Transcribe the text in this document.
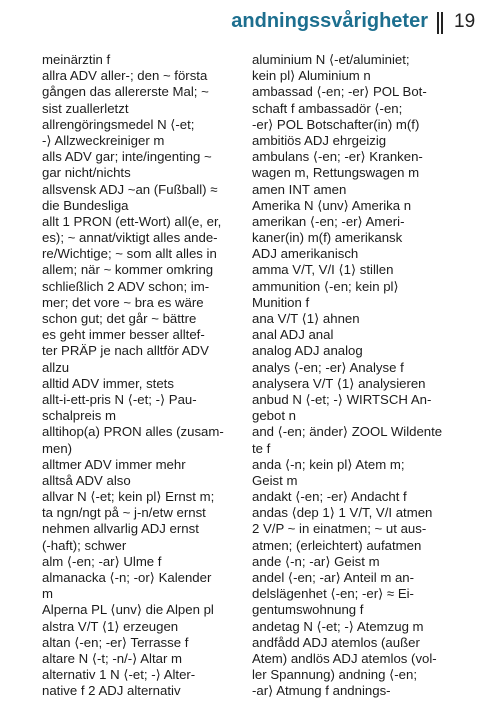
andningssvårigheter 19
meinärztin f
allra ADV aller-; den ~ första
gången das allererste Mal; ~
sist zuallerletzt
allrengöringsmedel N ⟨-et;
-⟩ Allzweckreiniger m
alls ADV gar; inte/ingenting ~
gar nicht/nichts
allsvensk ADJ ~an (Fußball) ≈
die Bundesliga
allt 1 PRON (ett-Wort) all(e, er,
es); ~ annat/viktigt alles ande-
re/Wichtige; ~ som allt alles in
allem; när ~ kommer omkring
schließlich 2 ADV schon; im-
mer; det vore ~ bra es wäre
schon gut; det går ~ bättre
es geht immer besser alltef-
ter PRÄP je nach alltför ADV
allzu
alltid ADV immer, stets
allt-i-ett-pris N ⟨-et; -⟩ Pau-
schalpreis m
alltihop(a) PRON alles (zusam-
men)
alltmer ADV immer mehr
alltså ADV also
allvar N ⟨-et; kein pl⟩ Ernst m;
ta ngn/ngt på ~ j-n/etw ernst
nehmen allvarlig ADJ ernst
(-haft); schwer
alm ⟨-en; -ar⟩ Ulme f
almanacka ⟨-n; -or⟩ Kalender
m
Alperna PL ⟨unv⟩ die Alpen pl
alstra V/T ⟨1⟩ erzeugen
altan ⟨-en; -er⟩ Terrasse f
altare N ⟨-t; -n/-⟩ Altar m
alternativ 1 N ⟨-et; -⟩ Alter-
native f 2 ADJ alternativ
aluminium N ⟨-et/aluminiet;
kein pl⟩ Aluminium n
ambassad ⟨-en; -er⟩ POL Bot-
schaft f ambassadör ⟨-en;
-er⟩ POL Botschafter(in) m(f)
ambitiös ADJ ehrgeizig
ambulans ⟨-en; -er⟩ Kranken-
wagen m, Rettungswagen m
amen INT amen
Amerika N ⟨unv⟩ Amerika n
amerikan ⟨-en; -er⟩ Ameri-
kaner(in) m(f) amerikansk
ADJ amerikanisch
amma V/T, V/I ⟨1⟩ stillen
ammunition ⟨-en; kein pl⟩
Munition f
ana V/T ⟨1⟩ ahnen
anal ADJ anal
analog ADJ analog
analys ⟨-en; -er⟩ Analyse f
analysera V/T ⟨1⟩ analysieren
anbud N ⟨-et; -⟩ WIRTSCH An-
gebot n
and ⟨-en; änder⟩ ZOOL Wildente
te f
anda ⟨-n; kein pl⟩ Atem m;
Geist m
andakt ⟨-en; -er⟩ Andacht f
andas ⟨dep 1⟩ 1 V/T, V/I atmen
2 V/P ~ in einatmen; ~ ut aus-
atmen; (erleichtert) aufatmen
ande ⟨-n; -ar⟩ Geist m
andel ⟨-en; -ar⟩ Anteil m an-
delslägenhet ⟨-en; -er⟩ ≈ Ei-
gentumswohnung f
andetag N ⟨-et; -⟩ Atemzug m
andfådd ADJ atemlos (außer
Atem) andlös ADJ atemlos (vol-
ler Spannung) andning ⟨-en;
-ar⟩ Atmung f andnings-
